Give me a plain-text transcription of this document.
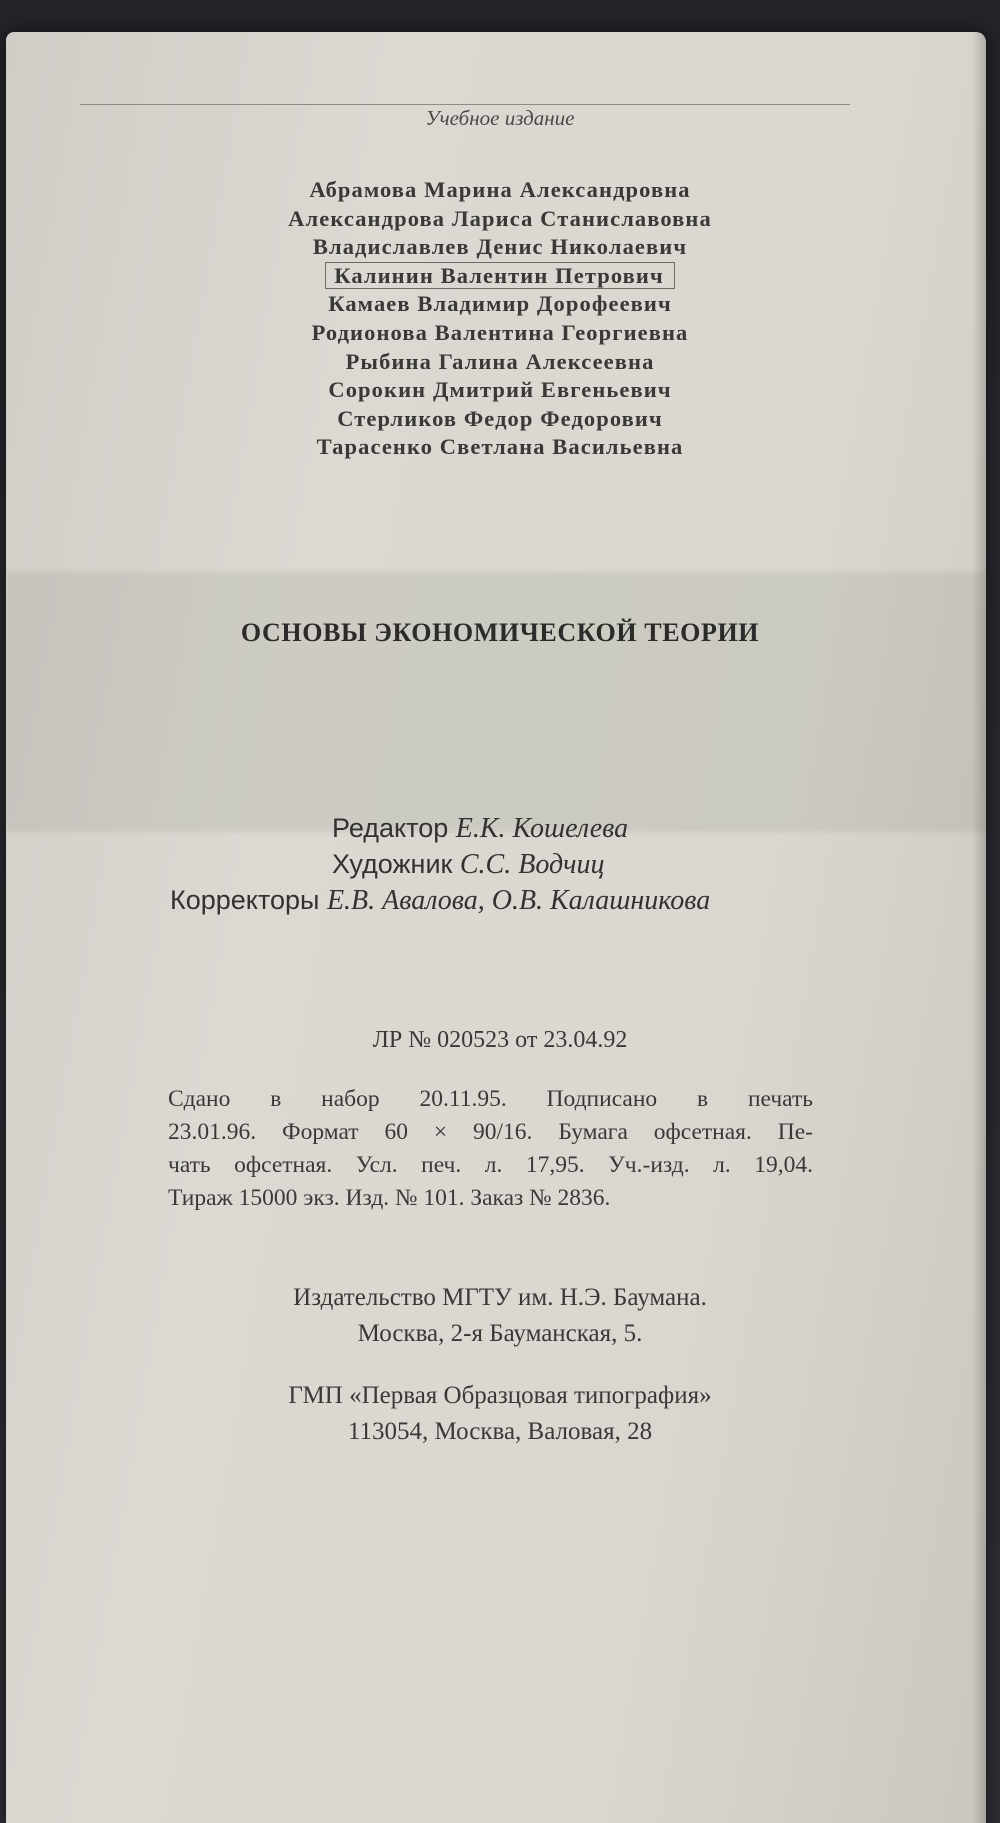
Учебное издание
Абрамова Марина Александровна
Александрова Лариса Станиславовна
Владиславлев Денис Николаевич
Калинин Валентин Петрович
Камаев Владимир Дорофеевич
Родионова Валентина Георгиевна
Рыбина Галина Алексеевна
Сорокин Дмитрий Евгеньевич
Стерликов Федор Федорович
Тарасенко Светлана Васильевна
ОСНОВЫ ЭКОНОМИЧЕСКОЙ ТЕОРИИ
Редактор Е.К. Кошелева
Художник С.С. Водчиц
Корректоры Е.В. Авалова, О.В. Калашникова
ЛР № 020523 от 23.04.92
Сдано в набор 20.11.95. Подписано в печать
23.01.96. Формат 60 × 90/16. Бумага офсетная. Пе-
чать офсетная. Усл. печ. л. 17,95. Уч.-изд. л. 19,04.
Тираж 15000 экз. Изд. № 101. Заказ № 2836.
Издательство МГТУ им. Н.Э. Баумана.
Москва, 2-я Бауманская, 5.
ГМП «Первая Образцовая типография»
113054, Москва, Валовая, 28
